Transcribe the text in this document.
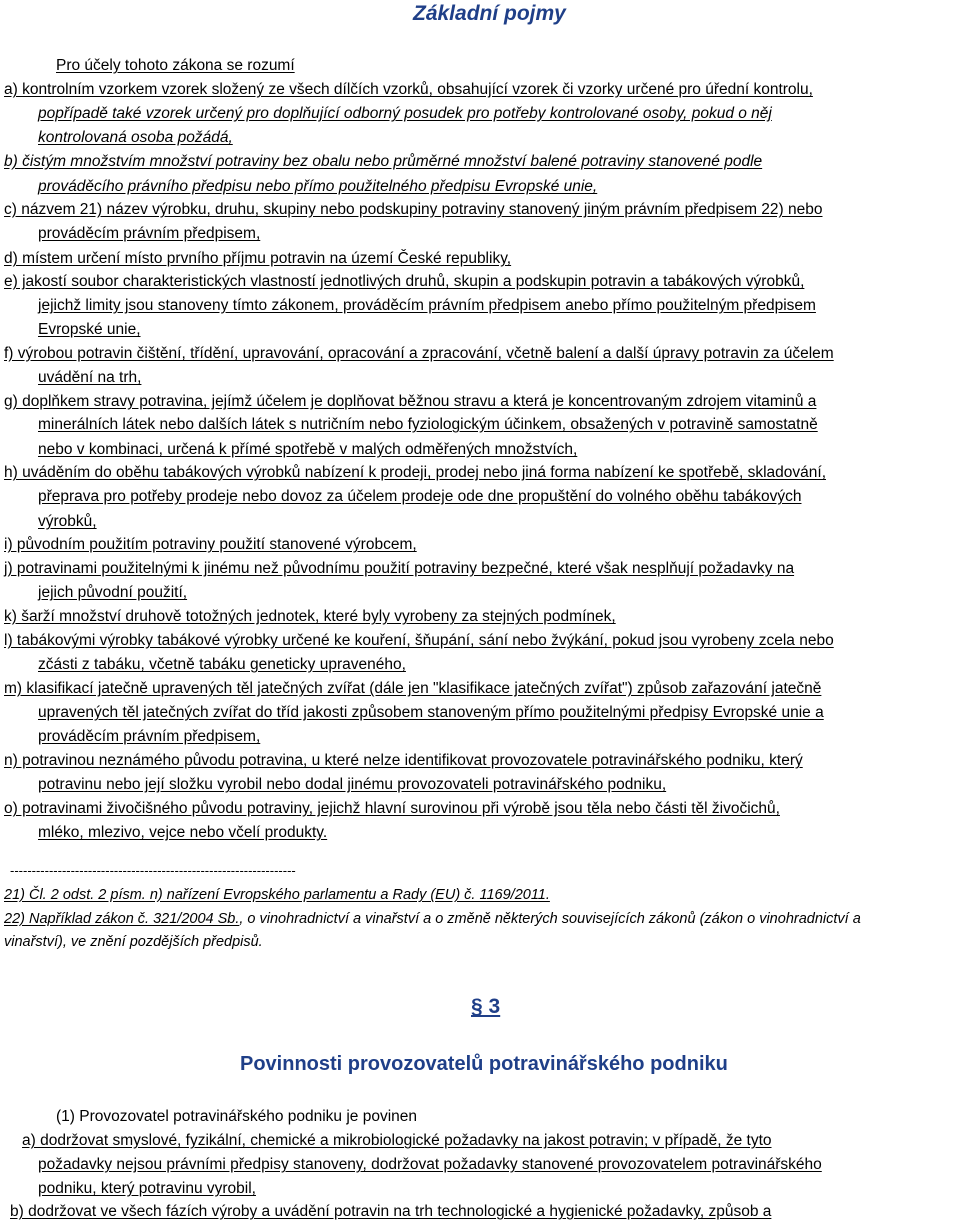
Základní pojmy
Pro účely tohoto zákona se rozumí
a) kontrolním vzorkem vzorek složený ze všech dílčích vzorků, obsahující vzorek či vzorky určené pro úřední kontrolu,
popřípadě také vzorek určený pro doplňující odborný posudek pro potřeby kontrolované osoby, pokud o něj
kontrolovaná osoba požádá,
b) čistým množstvím množství potraviny bez obalu nebo průměrné množství balené potraviny stanovené podle
prováděcího právního předpisu nebo přímo použitelného předpisu Evropské unie,
c) názvem 21) název výrobku, druhu, skupiny nebo podskupiny potraviny stanovený jiným právním předpisem 22) nebo
prováděcím právním předpisem,
d) místem určení místo prvního příjmu potravin na území České republiky,
e) jakostí soubor charakteristických vlastností jednotlivých druhů, skupin a podskupin potravin a tabákových výrobků,
jejichž limity jsou stanoveny tímto zákonem, prováděcím právním předpisem anebo přímo použitelným předpisem
Evropské unie,
f) výrobou potravin čištění, třídění, upravování, opracování a zpracování, včetně balení a další úpravy potravin za účelem
uvádění na trh,
g) doplňkem stravy potravina, jejímž účelem je doplňovat běžnou stravu a která je koncentrovaným zdrojem vitaminů a
minerálních látek nebo dalších látek s nutričním nebo fyziologickým účinkem, obsažených v potravině samostatně
nebo v kombinaci, určená k přímé spotřebě v malých odměřených množstvích,
h) uváděním do oběhu tabákových výrobků nabízení k prodeji, prodej nebo jiná forma nabízení ke spotřebě, skladování,
přeprava pro potřeby prodeje nebo dovoz za účelem prodeje ode dne propuštění do volného oběhu tabákových
výrobků,
i) původním použitím potraviny použití stanovené výrobcem,
j) potravinami použitelnými k jinému než původnímu použití potraviny bezpečné, které však nesplňují požadavky na
jejich původní použití,
k) šarží množství druhově totožných jednotek, které byly vyrobeny za stejných podmínek,
l) tabákovými výrobky tabákové výrobky určené ke kouření, šňupání, sání nebo žvýkání, pokud jsou vyrobeny zcela nebo
zčásti z tabáku, včetně tabáku geneticky upraveného,
m) klasifikací jatečně upravených těl jatečných zvířat (dále jen "klasifikace jatečných zvířat") způsob zařazování jatečně
upravených těl jatečných zvířat do tříd jakosti způsobem stanoveným přímo použitelnými předpisy Evropské unie a
prováděcím právním předpisem,
n) potravinou neznámého původu potravina, u které nelze identifikovat provozovatele potravinářského podniku, který
potravinu nebo její složku vyrobil nebo dodal jinému provozovateli potravinářského podniku,
o) potravinami živočišného původu potraviny, jejichž hlavní surovinou při výrobě jsou těla nebo části těl živočichů,
mléko, mlezivo, vejce nebo včelí produkty.
------------------------------------------------------------------
21) Čl. 2 odst. 2 písm. n) nařízení Evropského parlamentu a Rady (EU) č. 1169/2011.
22) Například zákon č. 321/2004 Sb., o vinohradnictví a vinařství a o změně některých souvisejících zákonů (zákon o vinohradnictví a
vinařství), ve znění pozdějších předpisů.
§ 3
Povinnosti provozovatelů potravinářského podniku
(1) Provozovatel potravinářského podniku je povinen
a) dodržovat smyslové, fyzikální, chemické a mikrobiologické požadavky na jakost potravin; v případě, že tyto
požadavky nejsou právními předpisy stanoveny, dodržovat požadavky stanovené provozovatelem potravinářského
podniku, který potravinu vyrobil,
b) dodržovat ve všech fázích výroby a uvádění potravin na trh technologické a hygienické požadavky, způsob a
